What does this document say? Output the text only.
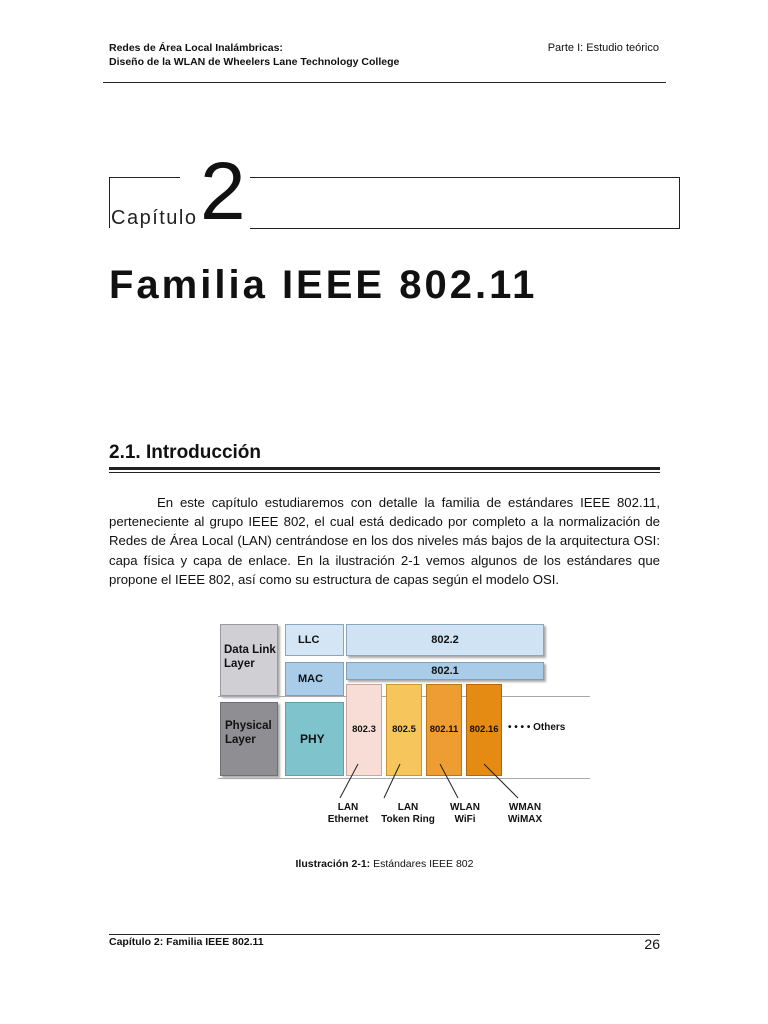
Redes de Área Local Inalámbricas:
Diseño de la WLAN de Wheelers Lane Technology College
Parte I: Estudio teórico
Capítulo 2
Familia IEEE 802.11
2.1. Introducción
En este capítulo estudiaremos con detalle la familia de estándares IEEE 802.11, perteneciente al grupo IEEE 802, el cual está dedicado por completo a la normalización de Redes de Área Local (LAN) centrándose en los dos niveles más bajos de la arquitectura OSI: capa física y capa de enlace. En la ilustración 2-1 vemos algunos de los estándares que propone el IEEE 802, así como su estructura de capas según el modelo OSI.
Data Link Layer
Physical Layer
LLC
MAC
PHY
802.2
802.1
802.3	802.5	802.11	802.16 • • • • Others
LAN
Ethernet
LAN
Token Ring
WLAN
WiFi
WMAN
WiMAX
Ilustración 2-1: Estándares IEEE 802
Capítulo 2: Familia IEEE 802.11	26
